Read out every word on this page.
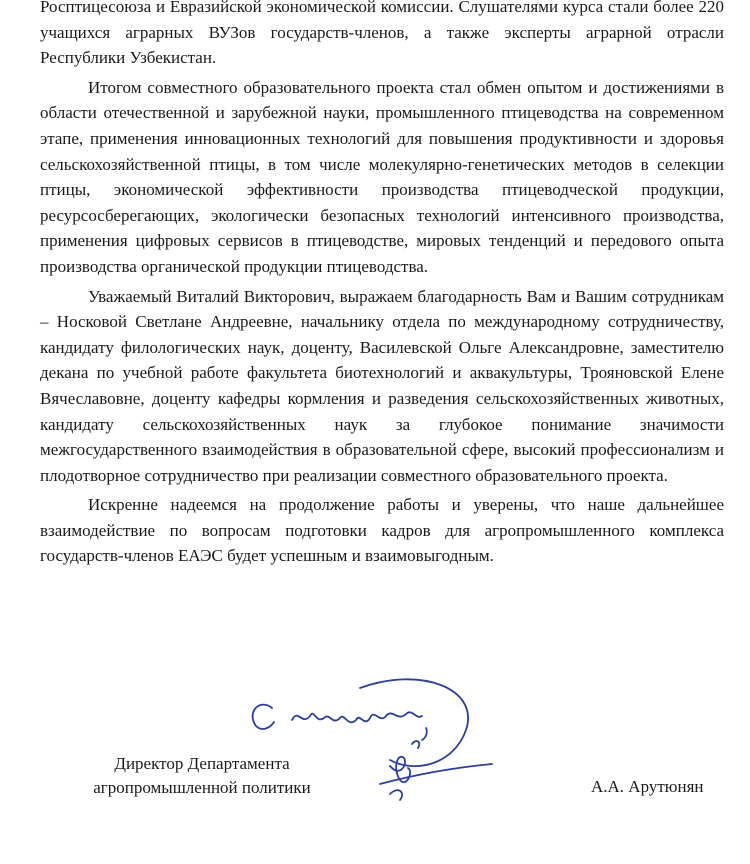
Росптицесоюза и Евразийской экономической комиссии. Слушателями курса стали более 220 учащихся аграрных ВУЗов государств-членов, а также эксперты аграрной отрасли Республики Узбекистан.

Итогом совместного образовательного проекта стал обмен опытом и достижениями в области отечественной и зарубежной науки, промышленного птицеводства на современном этапе, применения инновационных технологий для повышения продуктивности и здоровья сельскохозяйственной птицы, в том числе молекулярно-генетических методов в селекции птицы, экономической эффективности производства птицеводческой продукции, ресурсосберегающих, экологически безопасных технологий интенсивного производства, применения цифровых сервисов в птицеводстве, мировых тенденций и передового опыта производства органической продукции птицеводства.

Уважаемый Виталий Викторович, выражаем благодарность Вам и Вашим сотрудникам – Носковой Светлане Андреевне, начальнику отдела по международному сотрудничеству, кандидату филологических наук, доценту, Василевской Ольге Александровне, заместителю декана по учебной работе факультета биотехнологий и аквакультуры, Трояновской Елене Вячеславовне, доценту кафедры кормления и разведения сельскохозяйственных животных, кандидату сельскохозяйственных наук за глубокое понимание значимости межгосударственного взаимодействия в образовательной сфере, высокий профессионализм и плодотворное сотрудничество при реализации совместного образовательного проекта.

Искренне надеемся на продолжение работы и уверены, что наше дальнейшее взаимодействие по вопросам подготовки кадров для агропромышленного комплекса государств-членов ЕАЭС будет успешным и взаимовыгодным.

Директор Департамента агропромышленной политики	А.А. Арутюнян
